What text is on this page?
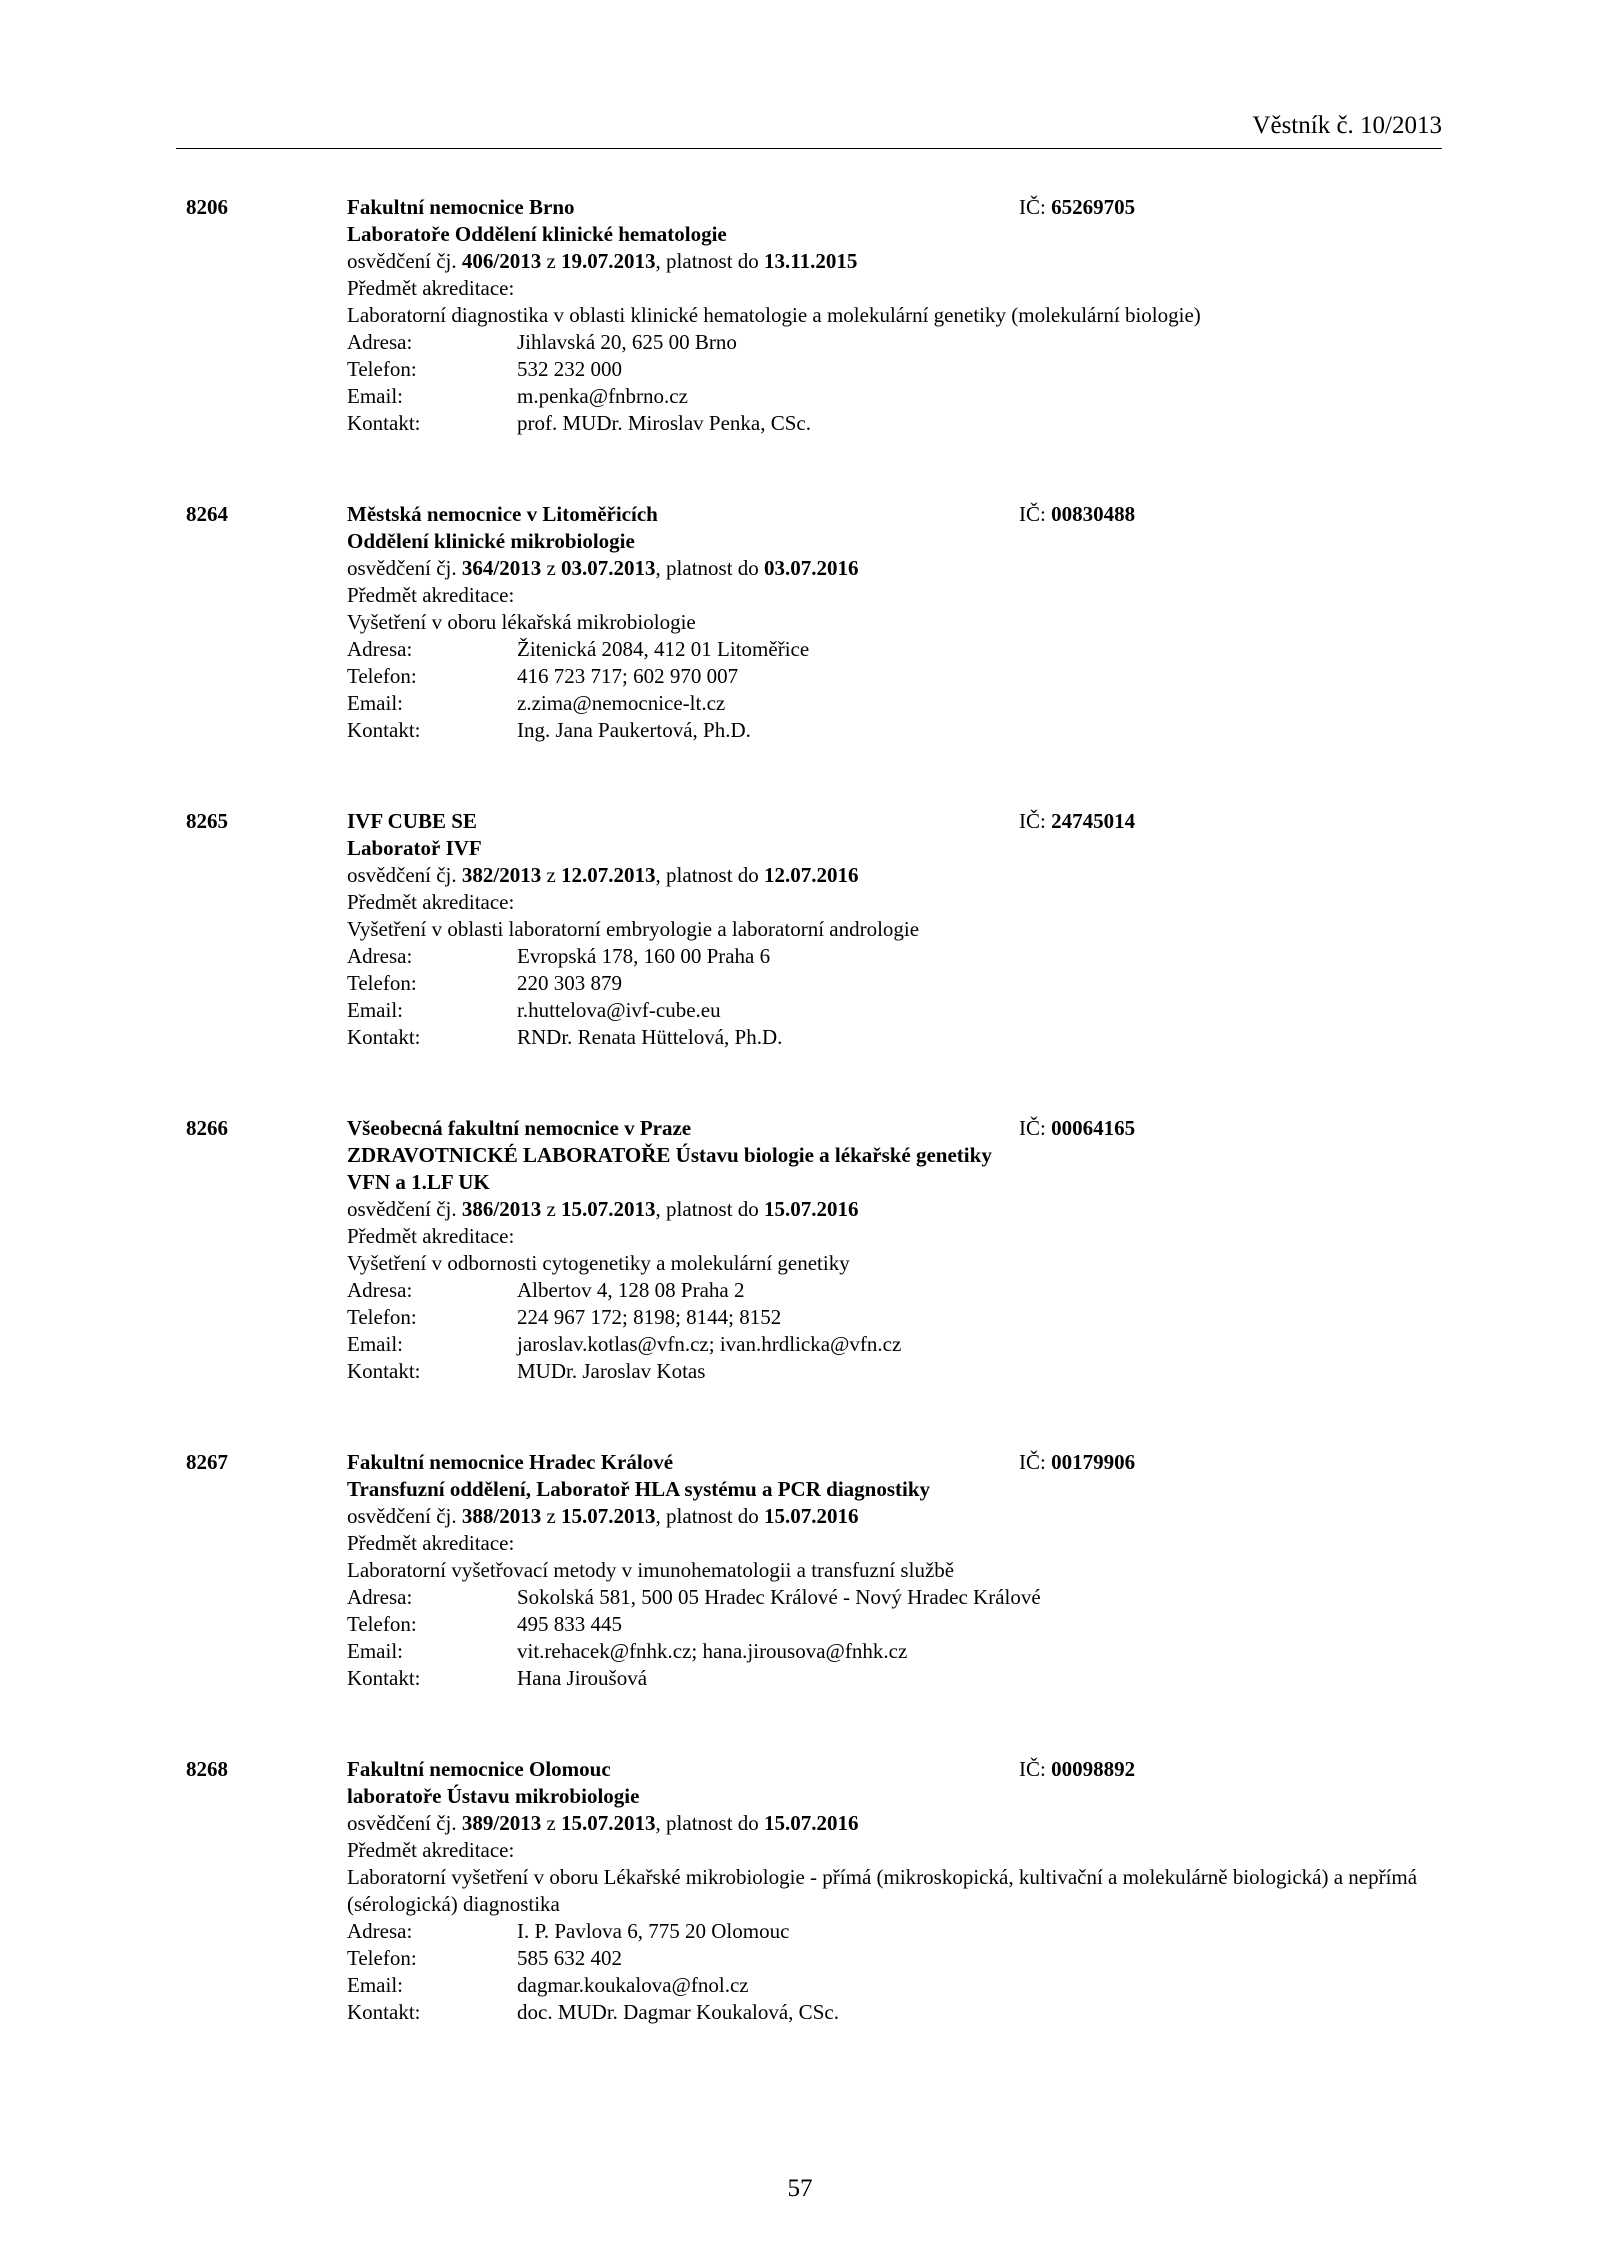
Věstník č. 10/2013
8206	Fakultní nemocnice Brno	IČ: 65269705
Laboratoře Oddělení klinické hematologie
osvědčení čj. 406/2013 z 19.07.2013, platnost do 13.11.2015
Předmět akreditace:
Laboratorní diagnostika v oblasti klinické hematologie a molekulární genetiky (molekulární biologie)
Adresa:	Jihlavská 20, 625 00 Brno
Telefon:	532 232 000
Email:	m.penka@fnbrno.cz
Kontakt:	prof. MUDr. Miroslav Penka, CSc.
8264	Městská nemocnice v Litoměřicích	IČ: 00830488
Oddělení klinické mikrobiologie
osvědčení čj. 364/2013 z 03.07.2013, platnost do 03.07.2016
Předmět akreditace:
Vyšetření v oboru lékařská mikrobiologie
Adresa:	Žitenická 2084, 412 01 Litoměřice
Telefon:	416 723 717; 602 970 007
Email:	z.zima@nemocnice-lt.cz
Kontakt:	Ing. Jana Paukertová, Ph.D.
8265	IVF CUBE SE	IČ: 24745014
Laboratoř IVF
osvědčení čj. 382/2013 z 12.07.2013, platnost do 12.07.2016
Předmět akreditace:
Vyšetření v oblasti laboratorní embryologie a laboratorní andrologie
Adresa:	Evropská 178, 160 00 Praha 6
Telefon:	220 303 879
Email:	r.huttelova@ivf-cube.eu
Kontakt:	RNDr. Renata Hüttelová, Ph.D.
8266	Všeobecná fakultní nemocnice v Praze	IČ: 00064165
ZDRAVOTNICKÉ LABORATOŘE Ústavu biologie a lékařské genetiky VFN a 1.LF UK
osvědčení čj. 386/2013 z 15.07.2013, platnost do 15.07.2016
Předmět akreditace:
Vyšetření v odbornosti cytogenetiky a molekulární genetiky
Adresa:	Albertov 4, 128 08 Praha 2
Telefon:	224 967 172; 8198; 8144; 8152
Email:	jaroslav.kotlas@vfn.cz; ivan.hrdlicka@vfn.cz
Kontakt:	MUDr. Jaroslav Kotas
8267	Fakultní nemocnice Hradec Králové	IČ: 00179906
Transfuzní oddělení, Laboratoř HLA systému a PCR diagnostiky
osvědčení čj. 388/2013 z 15.07.2013, platnost do 15.07.2016
Předmět akreditace:
Laboratorní vyšetřovací metody v imunohematologii a transfuzní službě
Adresa:	Sokolská 581, 500 05 Hradec Králové - Nový Hradec Králové
Telefon:	495 833 445
Email:	vit.rehacek@fnhk.cz; hana.jirousova@fnhk.cz
Kontakt:	Hana Jiroušová
8268	Fakultní nemocnice Olomouc	IČ: 00098892
laboratoře Ústavu mikrobiologie
osvědčení čj. 389/2013 z 15.07.2013, platnost do 15.07.2016
Předmět akreditace:
Laboratorní vyšetření v oboru Lékařské mikrobiologie - přímá (mikroskopická, kultivační a molekulárně biologická) a nepřímá (sérologická) diagnostika
Adresa:	I. P. Pavlova 6, 775 20 Olomouc
Telefon:	585 632 402
Email:	dagmar.koukalova@fnol.cz
Kontakt:	doc. MUDr. Dagmar Koukalová, CSc.
57
